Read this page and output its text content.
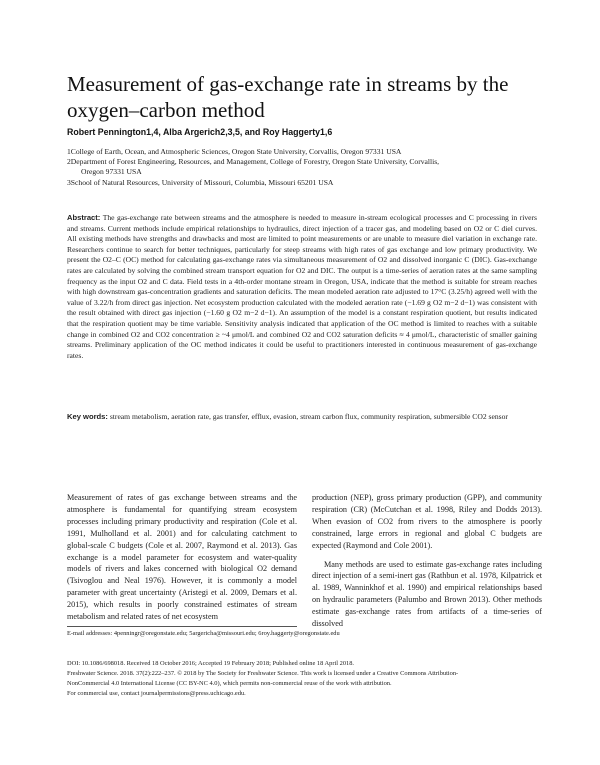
Measurement of gas-exchange rate in streams by the oxygen–carbon method
Robert Pennington1,4, Alba Argerich2,3,5, and Roy Haggerty1,6
1College of Earth, Ocean, and Atmospheric Sciences, Oregon State University, Corvallis, Oregon 97331 USA
2Department of Forest Engineering, Resources, and Management, College of Forestry, Oregon State University, Corvallis,
Oregon 97331 USA
3School of Natural Resources, University of Missouri, Columbia, Missouri 65201 USA
Abstract: The gas-exchange rate between streams and the atmosphere is needed to measure in-stream ecological processes and C processing in rivers and streams. Current methods include empirical relationships to hydraulics, direct injection of a tracer gas, and modeling based on O2 or C diel curves. All existing methods have strengths and drawbacks and most are limited to point measurements or are unable to measure diel variation in exchange rate. Researchers continue to search for better techniques, particularly for steep streams with high rates of gas exchange and low primary productivity. We present the O2–C (OC) method for calculating gas-exchange rates via simultaneous measurement of O2 and dissolved inorganic C (DIC). Gas-exchange rates are calculated by solving the combined stream transport equation for O2 and DIC. The output is a time-series of aeration rates at the same sampling frequency as the input O2 and C data. Field tests in a 4th-order montane stream in Oregon, USA, indicate that the method is suitable for stream reaches with high downstream gas-concentration gradients and saturation deficits. The mean modeled aeration rate adjusted to 17°C (3.25/h) agreed well with the value of 3.22/h from direct gas injection. Net ecosystem production calculated with the modeled aeration rate (−1.69 g O2 m−2 d−1) was consistent with the result obtained with direct gas injection (−1.60 g O2 m−2 d−1). An assumption of the model is a constant respiration quotient, but results indicated that the respiration quotient may be time variable. Sensitivity analysis indicated that application of the OC method is limited to reaches with a suitable change in combined O2 and CO2 concentration ≥ ~4 μmol/L and combined O2 and CO2 saturation deficits ≈ 4 μmol/L, characteristic of smaller gaining streams. Preliminary application of the OC method indicates it could be useful to practitioners interested in continuous measurement of gas-exchange rates.
Key words: stream metabolism, aeration rate, gas transfer, efflux, evasion, stream carbon flux, community respiration, submersible CO2 sensor

Measurement of rates of gas exchange between streams and the atmosphere is fundamental for quantifying stream ecosystem processes including primary productivity and respiration (Cole et al. 1991, Mulholland et al. 2001) and for calculating catchment to global-scale C budgets (Cole et al. 2007, Raymond et al. 2013). Gas exchange is a model parameter for ecosystem and water-quality models of rivers and lakes concerned with biological O2 demand (Tsivoglou and Neal 1976). However, it is commonly a model parameter with great uncertainty (Aristegi et al. 2009, Demars et al. 2015), which results in poorly constrained estimates of stream metabolism and related rates of net ecosystem

production (NEP), gross primary production (GPP), and community respiration (CR) (McCutchan et al. 1998, Riley and Dodds 2013). When evasion of CO2 from rivers to the atmosphere is poorly constrained, large errors in regional and global C budgets are expected (Raymond and Cole 2001).

Many methods are used to estimate gas-exchange rates including direct injection of a semi-inert gas (Rathbun et al. 1978, Kilpatrick et al. 1989, Wanninkhof et al. 1990) and empirical relationships based on hydraulic parameters (Palumbo and Brown 2013). Other methods estimate gas-exchange rates from artifacts of a time-series of dissolved

E-mail addresses: 4penningr@oregonstate.edu; 5argericha@missouri.edu; 6roy.haggerty@oregonstate.edu
DOI: 10.1086/698018. Received 18 October 2016; Accepted 19 February 2018; Published online 18 April 2018.
Freshwater Science. 2018. 37(2):222–237. © 2018 by The Society for Freshwater Science. This work is licensed under a Creative Commons Attribution-
NonCommercial 4.0 International License (CC BY-NC 4.0), which permits non-commercial reuse of the work with attribution.
For commercial use, contact journalpermissions@press.uchicago.edu.
